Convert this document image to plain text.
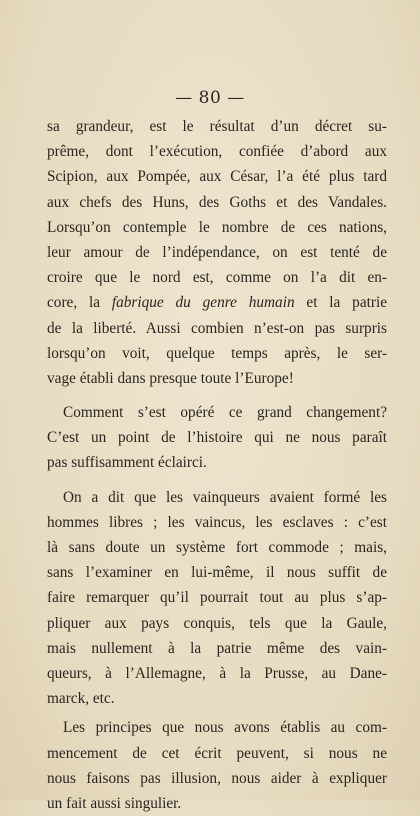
— 80 —
sa grandeur, est le résultat d’un décret su-
prême, dont l’exécution, confiée d’abord aux
Scipion, aux Pompée, aux César, l’a été plus tard
aux chefs des Huns, des Goths et des Vandales.
Lorsqu’on contemple le nombre de ces nations,
leur amour de l’indépendance, on est tenté de
croire que le nord est, comme on l’a dit en-
core, la fabrique du genre humain et la patrie
de la liberté. Aussi combien n’est-on pas surpris
lorsqu’on voit, quelque temps après, le ser-
vage établi dans presque toute l’Europe!
Comment s’est opéré ce grand changement?
C’est un point de l’histoire qui ne nous paraît
pas suffisamment éclairci.
On a dit que les vainqueurs avaient formé les
hommes libres ; les vaincus, les esclaves : c’est
là sans doute un système fort commode ; mais,
sans l’examiner en lui-même, il nous suffit de
faire remarquer qu’il pourrait tout au plus s’ap-
pliquer aux pays conquis, tels que la Gaule,
mais nullement à la patrie même des vain-
queurs, à l’Allemagne, à la Prusse, au Dane-
marck, etc.
Les principes que nous avons établis au com-
mencement de cet écrit peuvent, si nous ne
nous faisons pas illusion, nous aider à expliquer
un fait aussi singulier.
